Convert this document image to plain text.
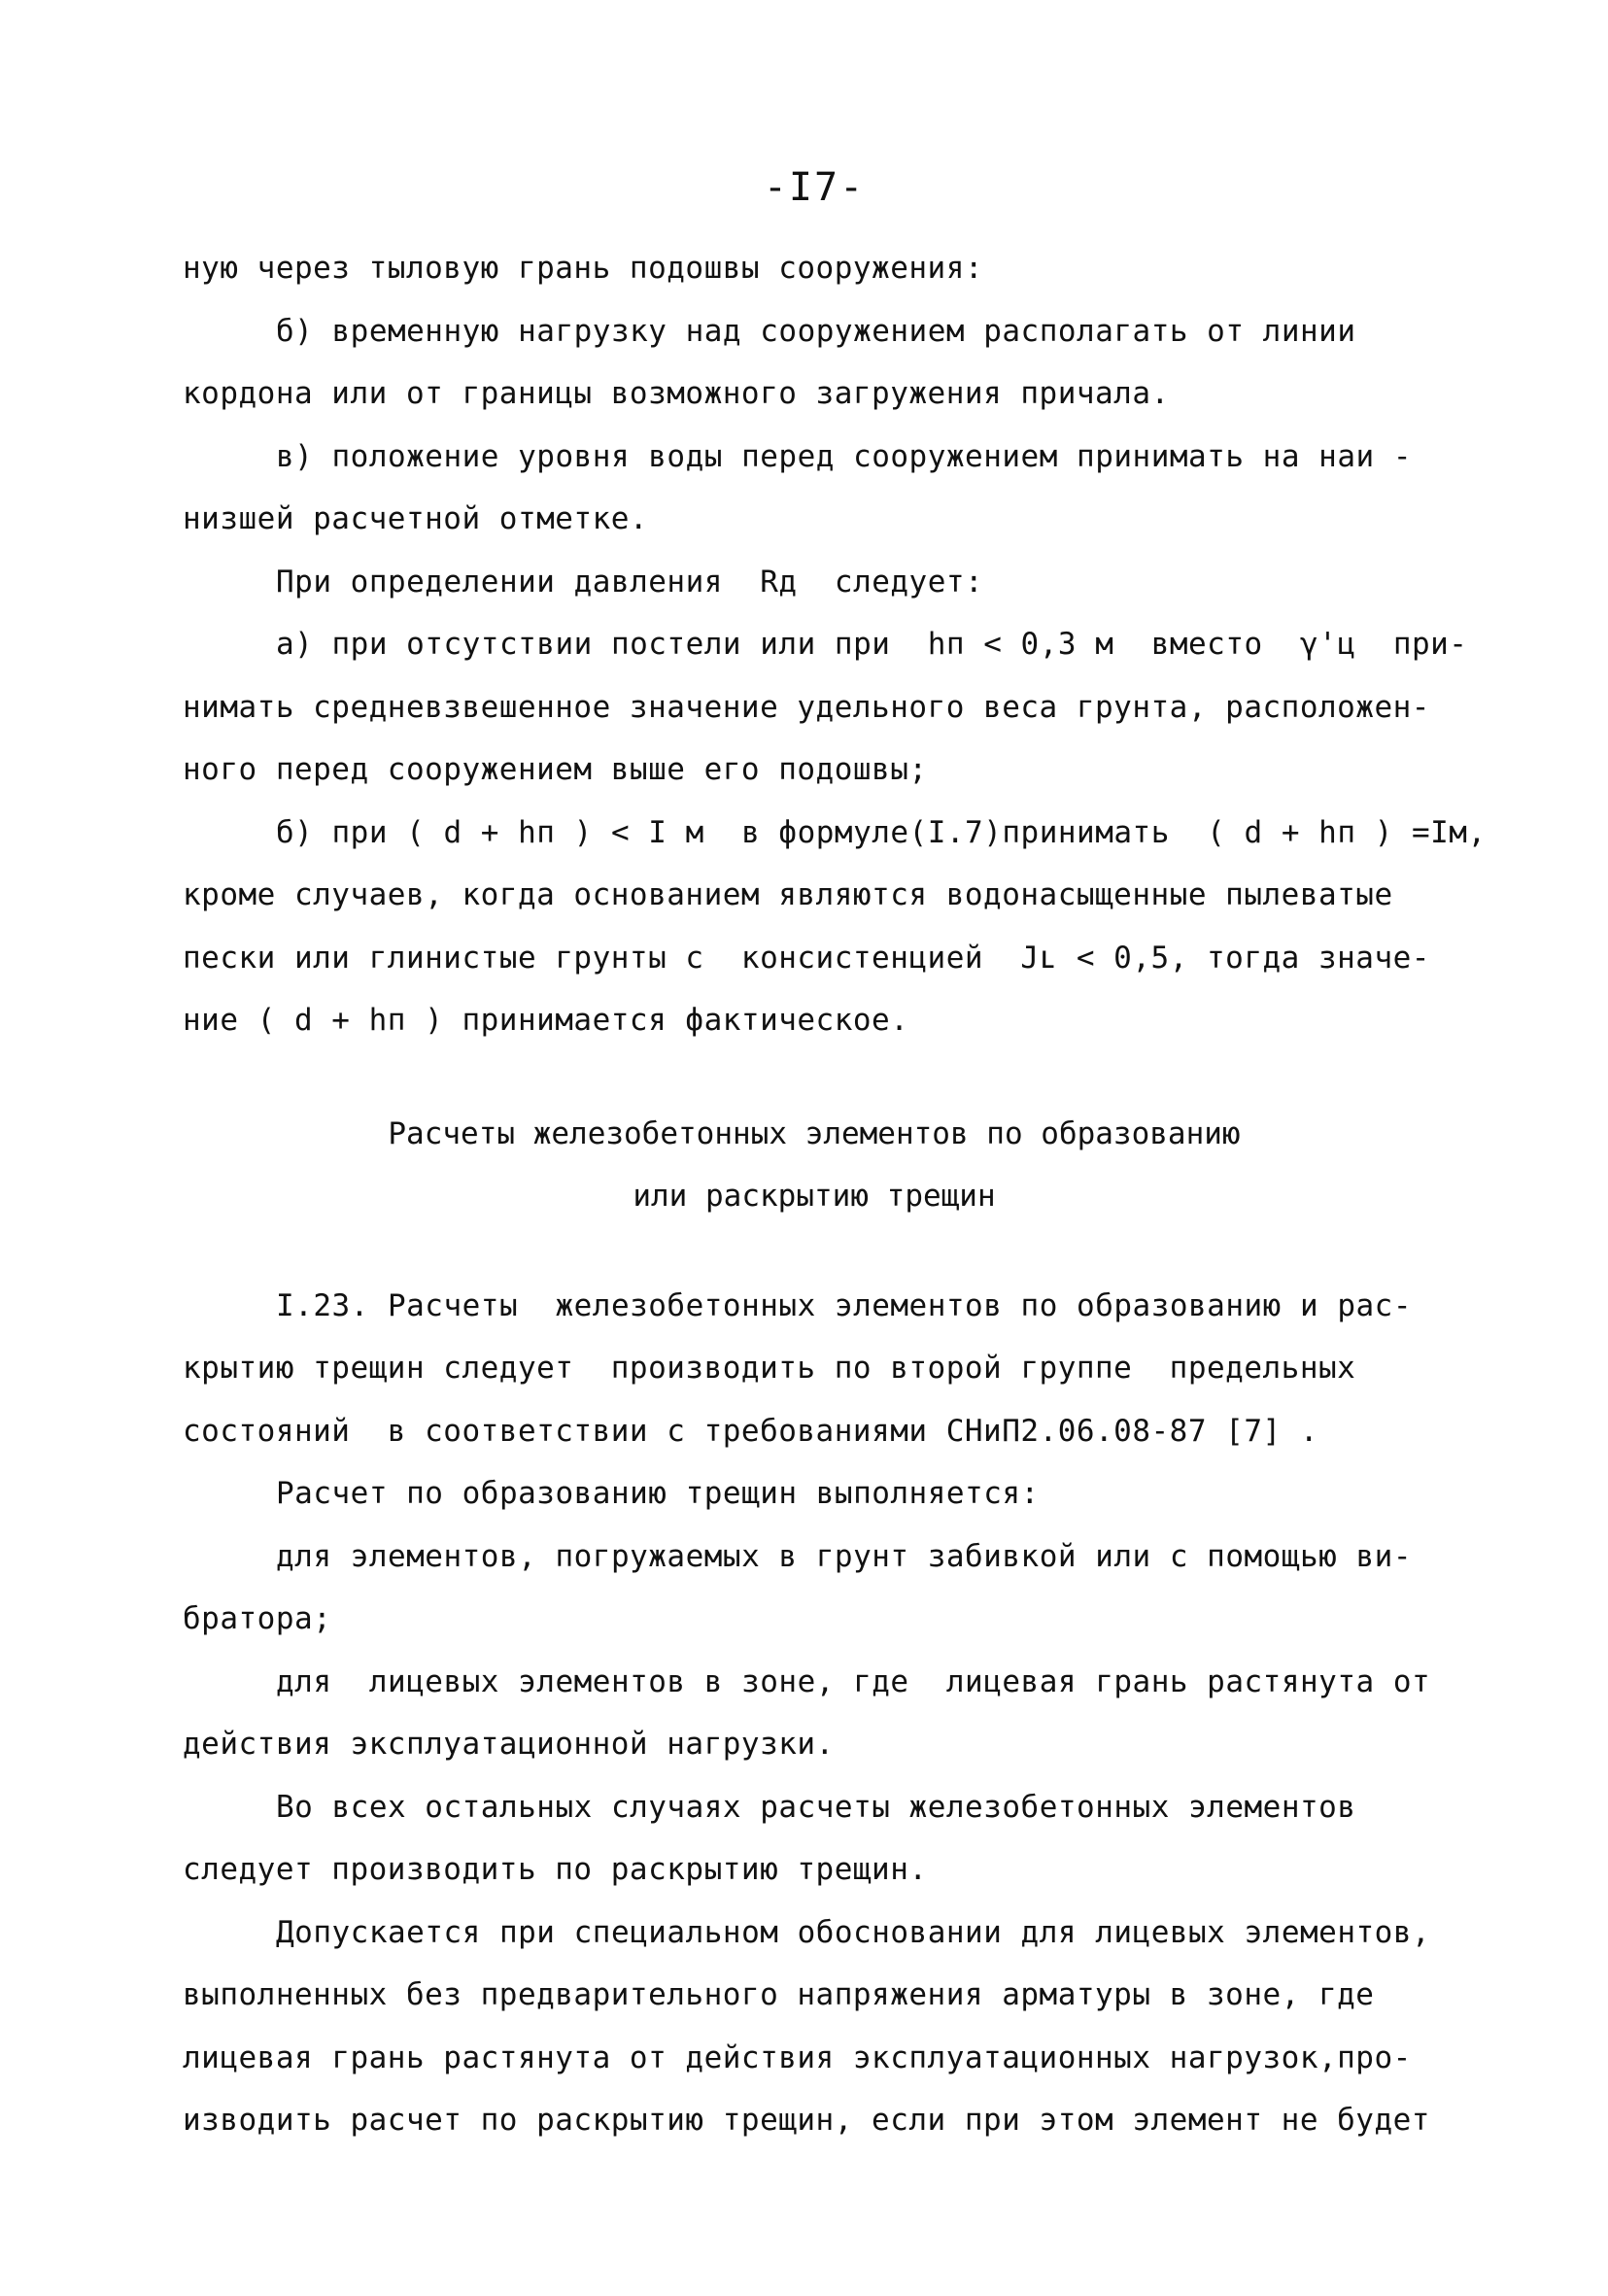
-I7-
ную через тыловую грань подошвы сооружения:
б) временную нагрузку над сооружением располагать от линии
кордона или от границы возможного загружения причала.
в) положение уровня воды перед сооружением принимать на наи -
низшей расчетной отметке.
При определении давления  Rд  следует:
а) при отсутствии постели или при  hп < 0,3 м  вместо  γ'ц  при-
нимать средневзвешенное значение удельного веса грунта, расположен-
ного перед сооружением выше его подошвы;
б) при ( d + hп ) < I м  в формуле(I.7)принимать  ( d + hп ) =Iм,
кроме случаев, когда основанием являются водонасыщенные пылеватые
пески или глинистые грунты с  консистенцией  Jʟ < 0,5, тогда значе-
ние ( d + hп ) принимается фактическое.
Расчеты железобетонных элементов по образованию
или раскрытию трещин
I.23. Расчеты  железобетонных элементов по образованию и рас-
крытию трещин следует  производить по второй группе  предельных
состояний  в соответствии с требованиями СНиП2.06.08-87 [7] .
Расчет по образованию трещин выполняется:
для элементов, погружаемых в грунт забивкой или с помощью ви-
братора;
для  лицевых элементов в зоне, где  лицевая грань растянута от
действия эксплуатационной нагрузки.
Во всех остальных случаях расчеты железобетонных элементов
следует производить по раскрытию трещин.
Допускается при специальном обосновании для лицевых элементов,
выполненных без предварительного напряжения арматуры в зоне, где
лицевая грань растянута от действия эксплуатационных нагрузок,про-
изводить расчет по раскрытию трещин, если при этом элемент не будет
